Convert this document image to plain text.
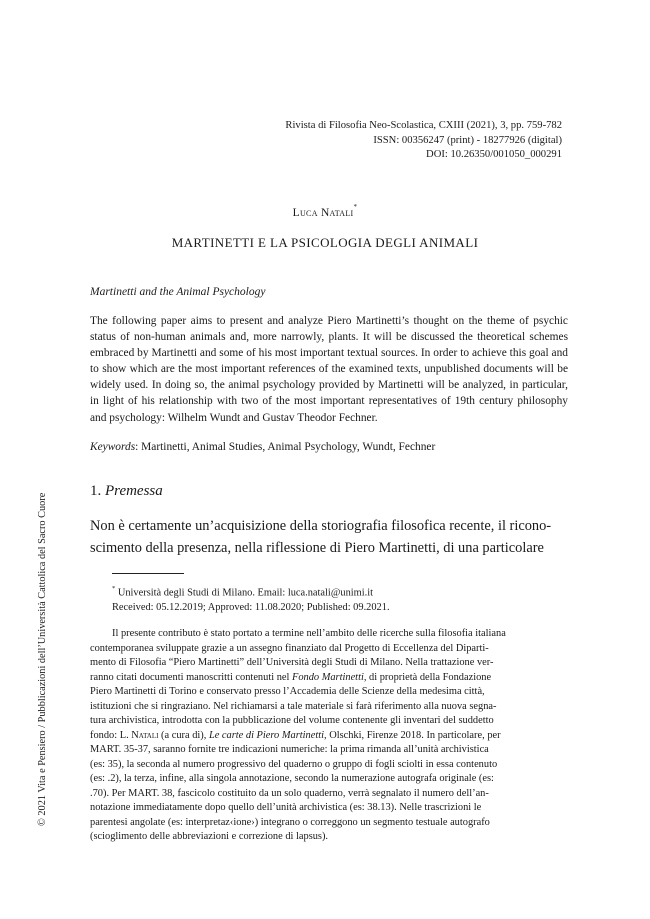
Rivista di Filosofia Neo-Scolastica, CXIII (2021), 3, pp. 759-782
ISSN: 00356247 (print) - 18277926 (digital)
DOI: 10.26350/001050_000291
Luca Natali*
MARTINETTI E LA PSICOLOGIA DEGLI ANIMALI
Martinetti and the Animal Psychology
The following paper aims to present and analyze Piero Martinetti’s thought on the theme of psychic status of non-human animals and, more narrowly, plants. It will be discussed the theoretical schemes embraced by Martinetti and some of his most important textual sources. In order to achieve this goal and to show which are the most important references of the examined texts, unpublished documents will be widely used. In doing so, the animal psychology provided by Martinetti will be analyzed, in particular, in light of his relationship with two of the most important representatives of 19th century philosophy and psychology: Wilhelm Wundt and Gustav Theodor Fechner.
Keywords: Martinetti, Animal Studies, Animal Psychology, Wundt, Fechner
1. Premessa
Non è certamente un’acquisizione della storiografia filosofica recente, il ricono-
scimento della presenza, nella riflessione di Piero Martinetti, di una particolare
* Università degli Studi di Milano. Email: luca.natali@unimi.it
Received: 05.12.2019; Approved: 11.08.2020; Published: 09.2021.
Il presente contributo è stato portato a termine nell’ambito delle ricerche sulla filosofia italiana
contemporanea sviluppate grazie a un assegno finanziato dal Progetto di Eccellenza del Diparti-
mento di Filosofia “Piero Martinetti” dell’Università degli Studi di Milano. Nella trattazione ver-
ranno citati documenti manoscritti contenuti nel Fondo Martinetti, di proprietà della Fondazione
Piero Martinetti di Torino e conservato presso l’Accademia delle Scienze della medesima città,
istituzioni che si ringraziano. Nel richiamarsi a tale materiale si farà riferimento alla nuova segna-
tura archivistica, introdotta con la pubblicazione del volume contenente gli inventari del suddetto
fondo: L. Natali (a cura di), Le carte di Piero Martinetti, Olschki, Firenze 2018. In particolare, per
MART. 35-37, saranno fornite tre indicazioni numeriche: la prima rimanda all’unità archivistica
(es: 35), la seconda al numero progressivo del quaderno o gruppo di fogli sciolti in essa contenuto
(es: .2), la terza, infine, alla singola annotazione, secondo la numerazione autografa originale (es:
.70). Per MART. 38, fascicolo costituito da un solo quaderno, verrà segnalato il numero dell’an-
notazione immediatamente dopo quello dell’unità archivistica (es: 38.13). Nelle trascrizioni le
parentesi angolate (es: interpretaz‹ione›) integrano o correggono un segmento testuale autografo
(scioglimento delle abbreviazioni e correzione di lapsus).
© 2021 Vita e Pensiero / Pubblicazioni dell’Università Cattolica del Sacro Cuore
